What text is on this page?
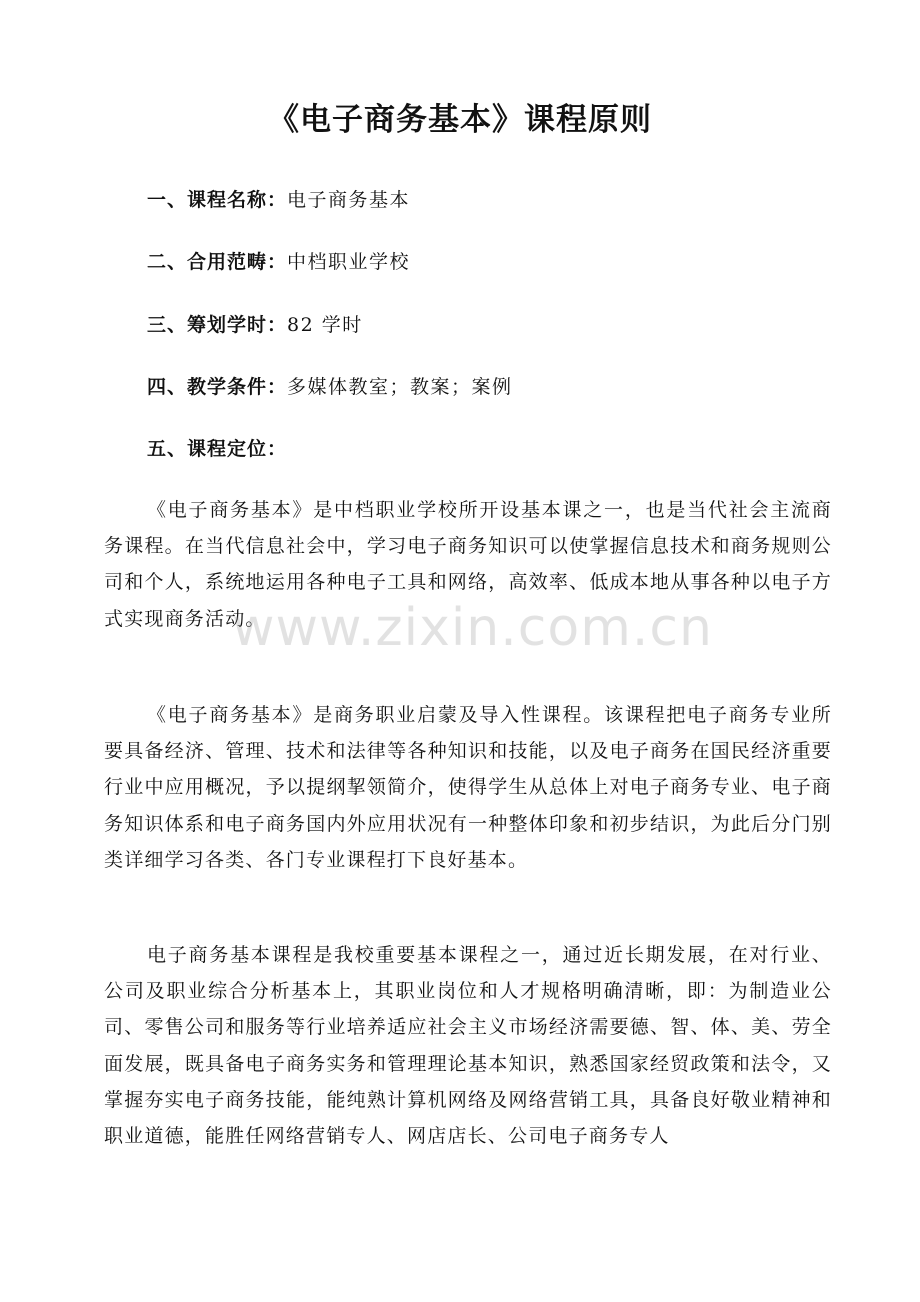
《电子商务基本》课程原则
一、课程名称：电子商务基本
二、合用范畴：中档职业学校
三、筹划学时：82 学时
四、教学条件：多媒体教室；教案；案例
五、课程定位：

《电子商务基本》是中档职业学校所开设基本课之一，也是当代社会主流商务课程。在当代信息社会中，学习电子商务知识可以使掌握信息技术和商务规则公司和个人，系统地运用各种电子工具和网络，高效率、低成本地从事各种以电子方式实现商务活动。

《电子商务基本》是商务职业启蒙及导入性课程。该课程把电子商务专业所要具备经济、管理、技术和法律等各种知识和技能，以及电子商务在国民经济重要行业中应用概况，予以提纲挈领简介，使得学生从总体上对电子商务专业、电子商务知识体系和电子商务国内外应用状况有一种整体印象和初步结识，为此后分门别类详细学习各类、各门专业课程打下良好基本。

电子商务基本课程是我校重要基本课程之一，通过近长期发展，在对行业、公司及职业综合分析基本上，其职业岗位和人才规格明确清晰，即：为制造业公司、零售公司和服务等行业培养适应社会主义市场经济需要德、智、体、美、劳全面发展，既具备电子商务实务和管理理论基本知识，熟悉国家经贸政策和法令，又掌握夯实电子商务技能，能纯熟计算机网络及网络营销工具，具备良好敬业精神和职业道德，能胜任网络营销专人、网店店长、公司电子商务专人

www.zixin.com.cn
